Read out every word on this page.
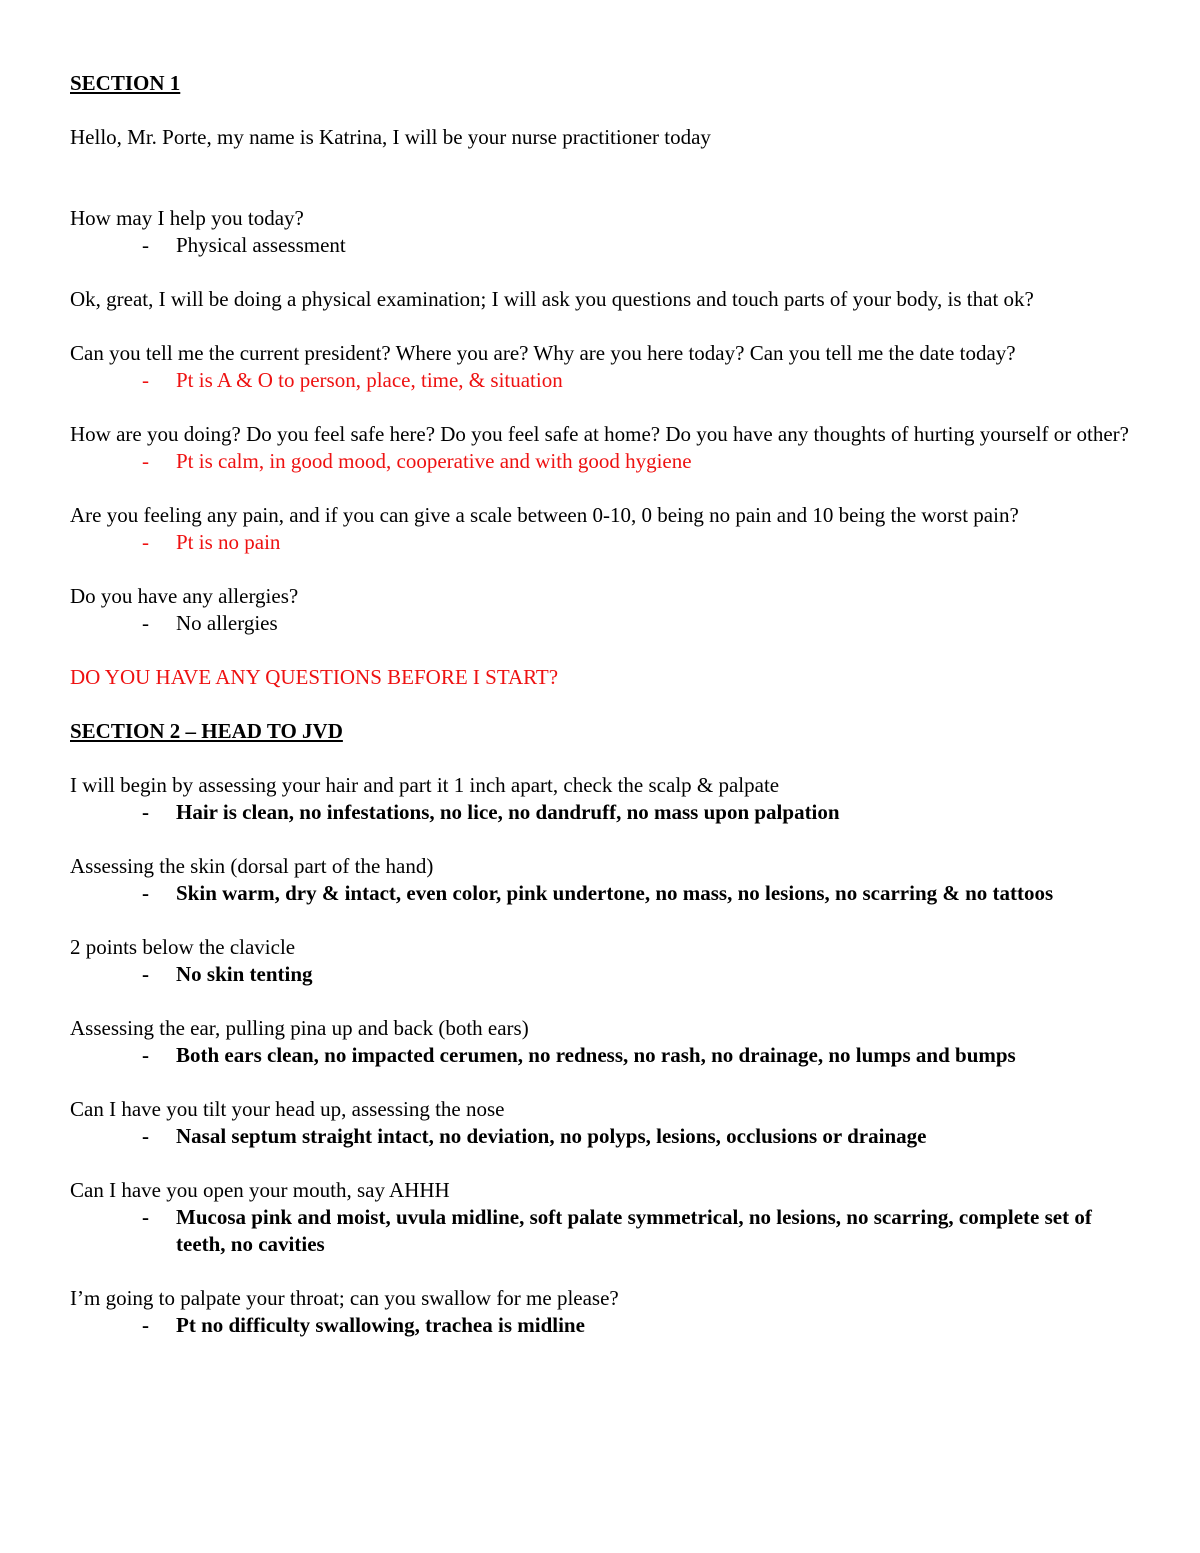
SECTION 1
Hello, Mr. Porte, my name is Katrina, I will be your nurse practitioner today
How may I help you today?
-	Physical assessment
Ok, great, I will be doing a physical examination; I will ask you questions and touch parts of your body, is that ok?
Can you tell me the current president? Where you are? Why are you here today? Can you tell me the date today?
-	Pt is A & O to person, place, time, & situation
How are you doing? Do you feel safe here? Do you feel safe at home? Do you have any thoughts of hurting yourself or other?
-	Pt is calm, in good mood, cooperative and with good hygiene
Are you feeling any pain, and if you can give a scale between 0-10, 0 being no pain and 10 being the worst pain?
-	Pt is no pain
Do you have any allergies?
-	No allergies
DO YOU HAVE ANY QUESTIONS BEFORE I START?
SECTION 2 – HEAD TO JVD
I will begin by assessing your hair and part it 1 inch apart, check the scalp & palpate
-	Hair is clean, no infestations, no lice, no dandruff, no mass upon palpation
Assessing the skin (dorsal part of the hand)
-	Skin warm, dry & intact, even color, pink undertone, no mass, no lesions, no scarring & no tattoos
2 points below the clavicle
-	No skin tenting
Assessing the ear, pulling pina up and back (both ears)
-	Both ears clean, no impacted cerumen, no redness, no rash, no drainage, no lumps and bumps
Can I have you tilt your head up, assessing the nose
-	Nasal septum straight intact, no deviation, no polyps, lesions, occlusions or drainage
Can I have you open your mouth, say AHHH
-	Mucosa pink and moist, uvula midline, soft palate symmetrical, no lesions, no scarring, complete set of teeth, no cavities
I’m going to palpate your throat; can you swallow for me please?
-	Pt no difficulty swallowing, trachea is midline
